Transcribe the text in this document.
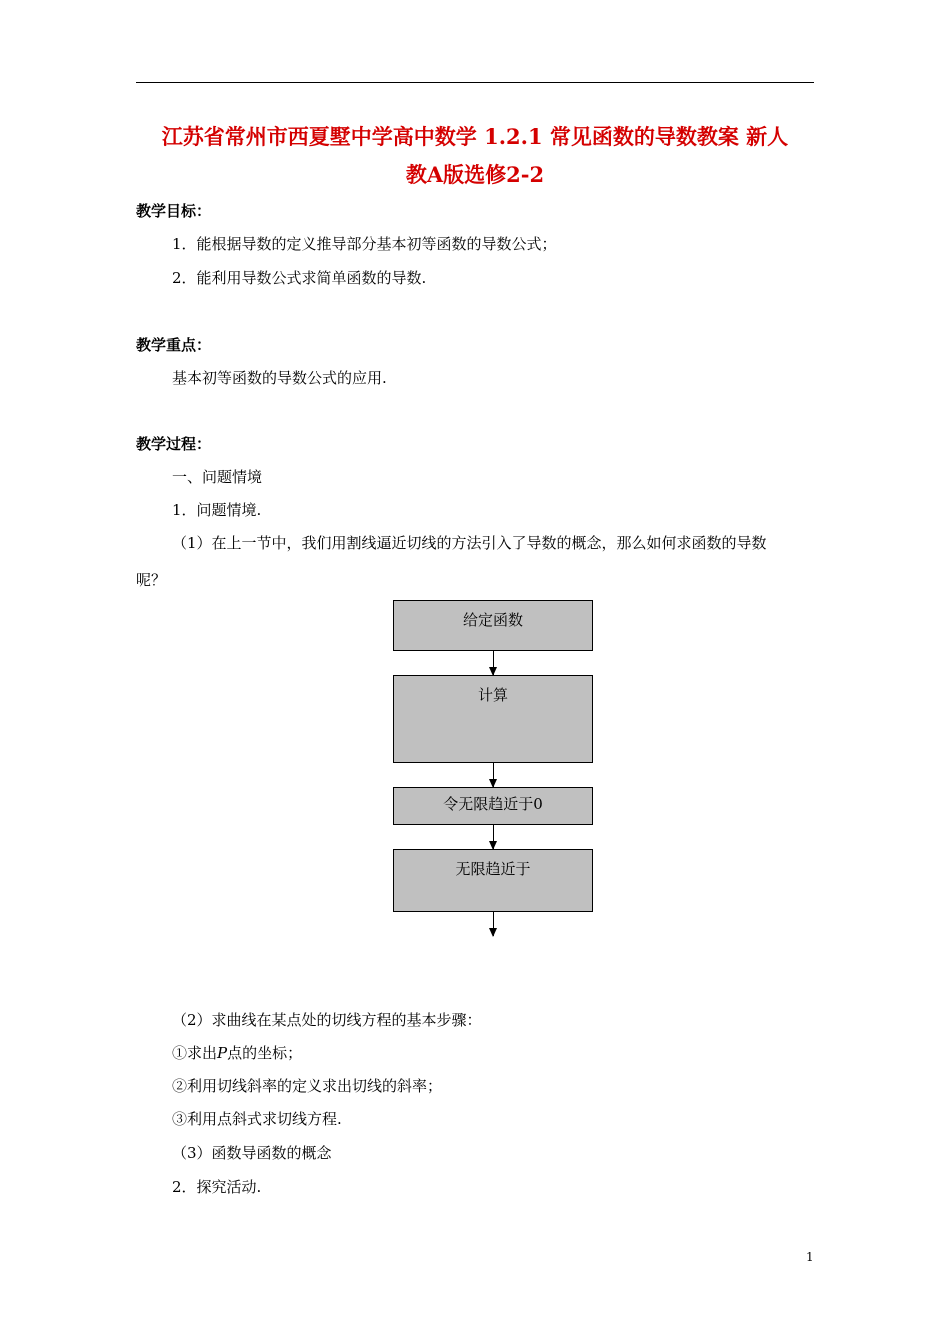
江苏省常州市西夏墅中学高中数学 1.2.1 常见函数的导数教案 新人
教A版选修2-2
教学目标：
1．能根据导数的定义推导部分基本初等函数的导数公式；
2．能利用导数公式求简单函数的导数.
教学重点：
基本初等函数的导数公式的应用.
教学过程：
一、问题情境
1．问题情境.
（1）在上一节中，我们用割线逼近切线的方法引入了导数的概念，那么如何求函数的导数
呢？
给定函数
计算
令无限趋近于0
无限趋近于
（2）求曲线在某点处的切线方程的基本步骤：
①求出P点的坐标；
②利用切线斜率的定义求出切线的斜率；
③利用点斜式求切线方程.
（3）函数导函数的概念
2．探究活动.
1
